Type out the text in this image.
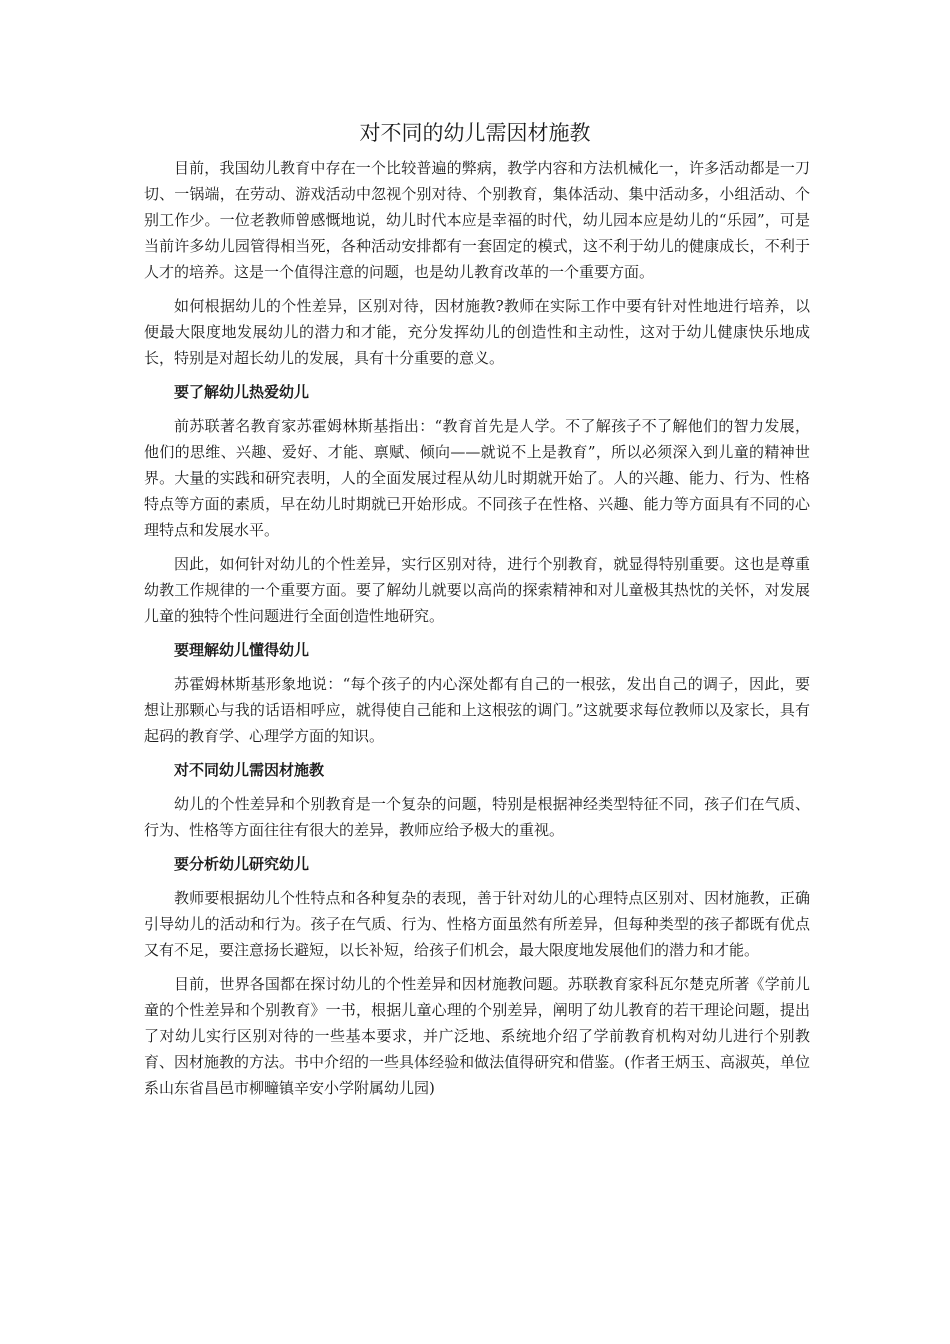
对不同的幼儿需因材施教

目前，我国幼儿教育中存在一个比较普遍的弊病，教学内容和方法机械化一，许多活动都是一刀切、一锅端，在劳动、游戏活动中忽视个别对待、个别教育，集体活动、集中活动多，小组活动、个别工作少。一位老教师曾感慨地说，幼儿时代本应是幸福的时代，幼儿园本应是幼儿的“乐园”，可是当前许多幼儿园管得相当死，各种活动安排都有一套固定的模式，这不利于幼儿的健康成长，不利于人才的培养。这是一个值得注意的问题，也是幼儿教育改革的一个重要方面。

如何根据幼儿的个性差异，区别对待，因材施教?教师在实际工作中要有针对性地进行培养，以便最大限度地发展幼儿的潜力和才能，充分发挥幼儿的创造性和主动性，这对于幼儿健康快乐地成长，特别是对超长幼儿的发展，具有十分重要的意义。

要了解幼儿热爱幼儿

前苏联著名教育家苏霍姆林斯基指出：“教育首先是人学。不了解孩子不了解他们的智力发展，他们的思维、兴趣、爱好、才能、禀赋、倾向——就说不上是教育”，所以必须深入到儿童的精神世界。大量的实践和研究表明，人的全面发展过程从幼儿时期就开始了。人的兴趣、能力、行为、性格特点等方面的素质，早在幼儿时期就已开始形成。不同孩子在性格、兴趣、能力等方面具有不同的心理特点和发展水平。

因此，如何针对幼儿的个性差异，实行区别对待，进行个别教育，就显得特别重要。这也是尊重幼教工作规律的一个重要方面。要了解幼儿就要以高尚的探索精神和对儿童极其热忱的关怀，对发展儿童的独特个性问题进行全面创造性地研究。

要理解幼儿懂得幼儿

苏霍姆林斯基形象地说：“每个孩子的内心深处都有自己的一根弦，发出自己的调子，因此，要想让那颗心与我的话语相呼应，就得使自己能和上这根弦的调门。”这就要求每位教师以及家长，具有起码的教育学、心理学方面的知识。

对不同幼儿需因材施教

幼儿的个性差异和个别教育是一个复杂的问题，特别是根据神经类型特征不同，孩子们在气质、行为、性格等方面往往有很大的差异，教师应给予极大的重视。

要分析幼儿研究幼儿

教师要根据幼儿个性特点和各种复杂的表现，善于针对幼儿的心理特点区别对、因材施教，正确引导幼儿的活动和行为。孩子在气质、行为、性格方面虽然有所差异，但每种类型的孩子都既有优点又有不足，要注意扬长避短，以长补短，给孩子们机会，最大限度地发展他们的潜力和才能。

目前，世界各国都在探讨幼儿的个性差异和因材施教问题。苏联教育家科瓦尔楚克所著《学前儿童的个性差异和个别教育》一书，根据儿童心理的个别差异，阐明了幼儿教育的若干理论问题，提出了对幼儿实行区别对待的一些基本要求，并广泛地、系统地介绍了学前教育机构对幼儿进行个别教育、因材施教的方法。书中介绍的一些具体经验和做法值得研究和借鉴。(作者王炳玉、高淑英，单位系山东省昌邑市柳疃镇辛安小学附属幼儿园)
